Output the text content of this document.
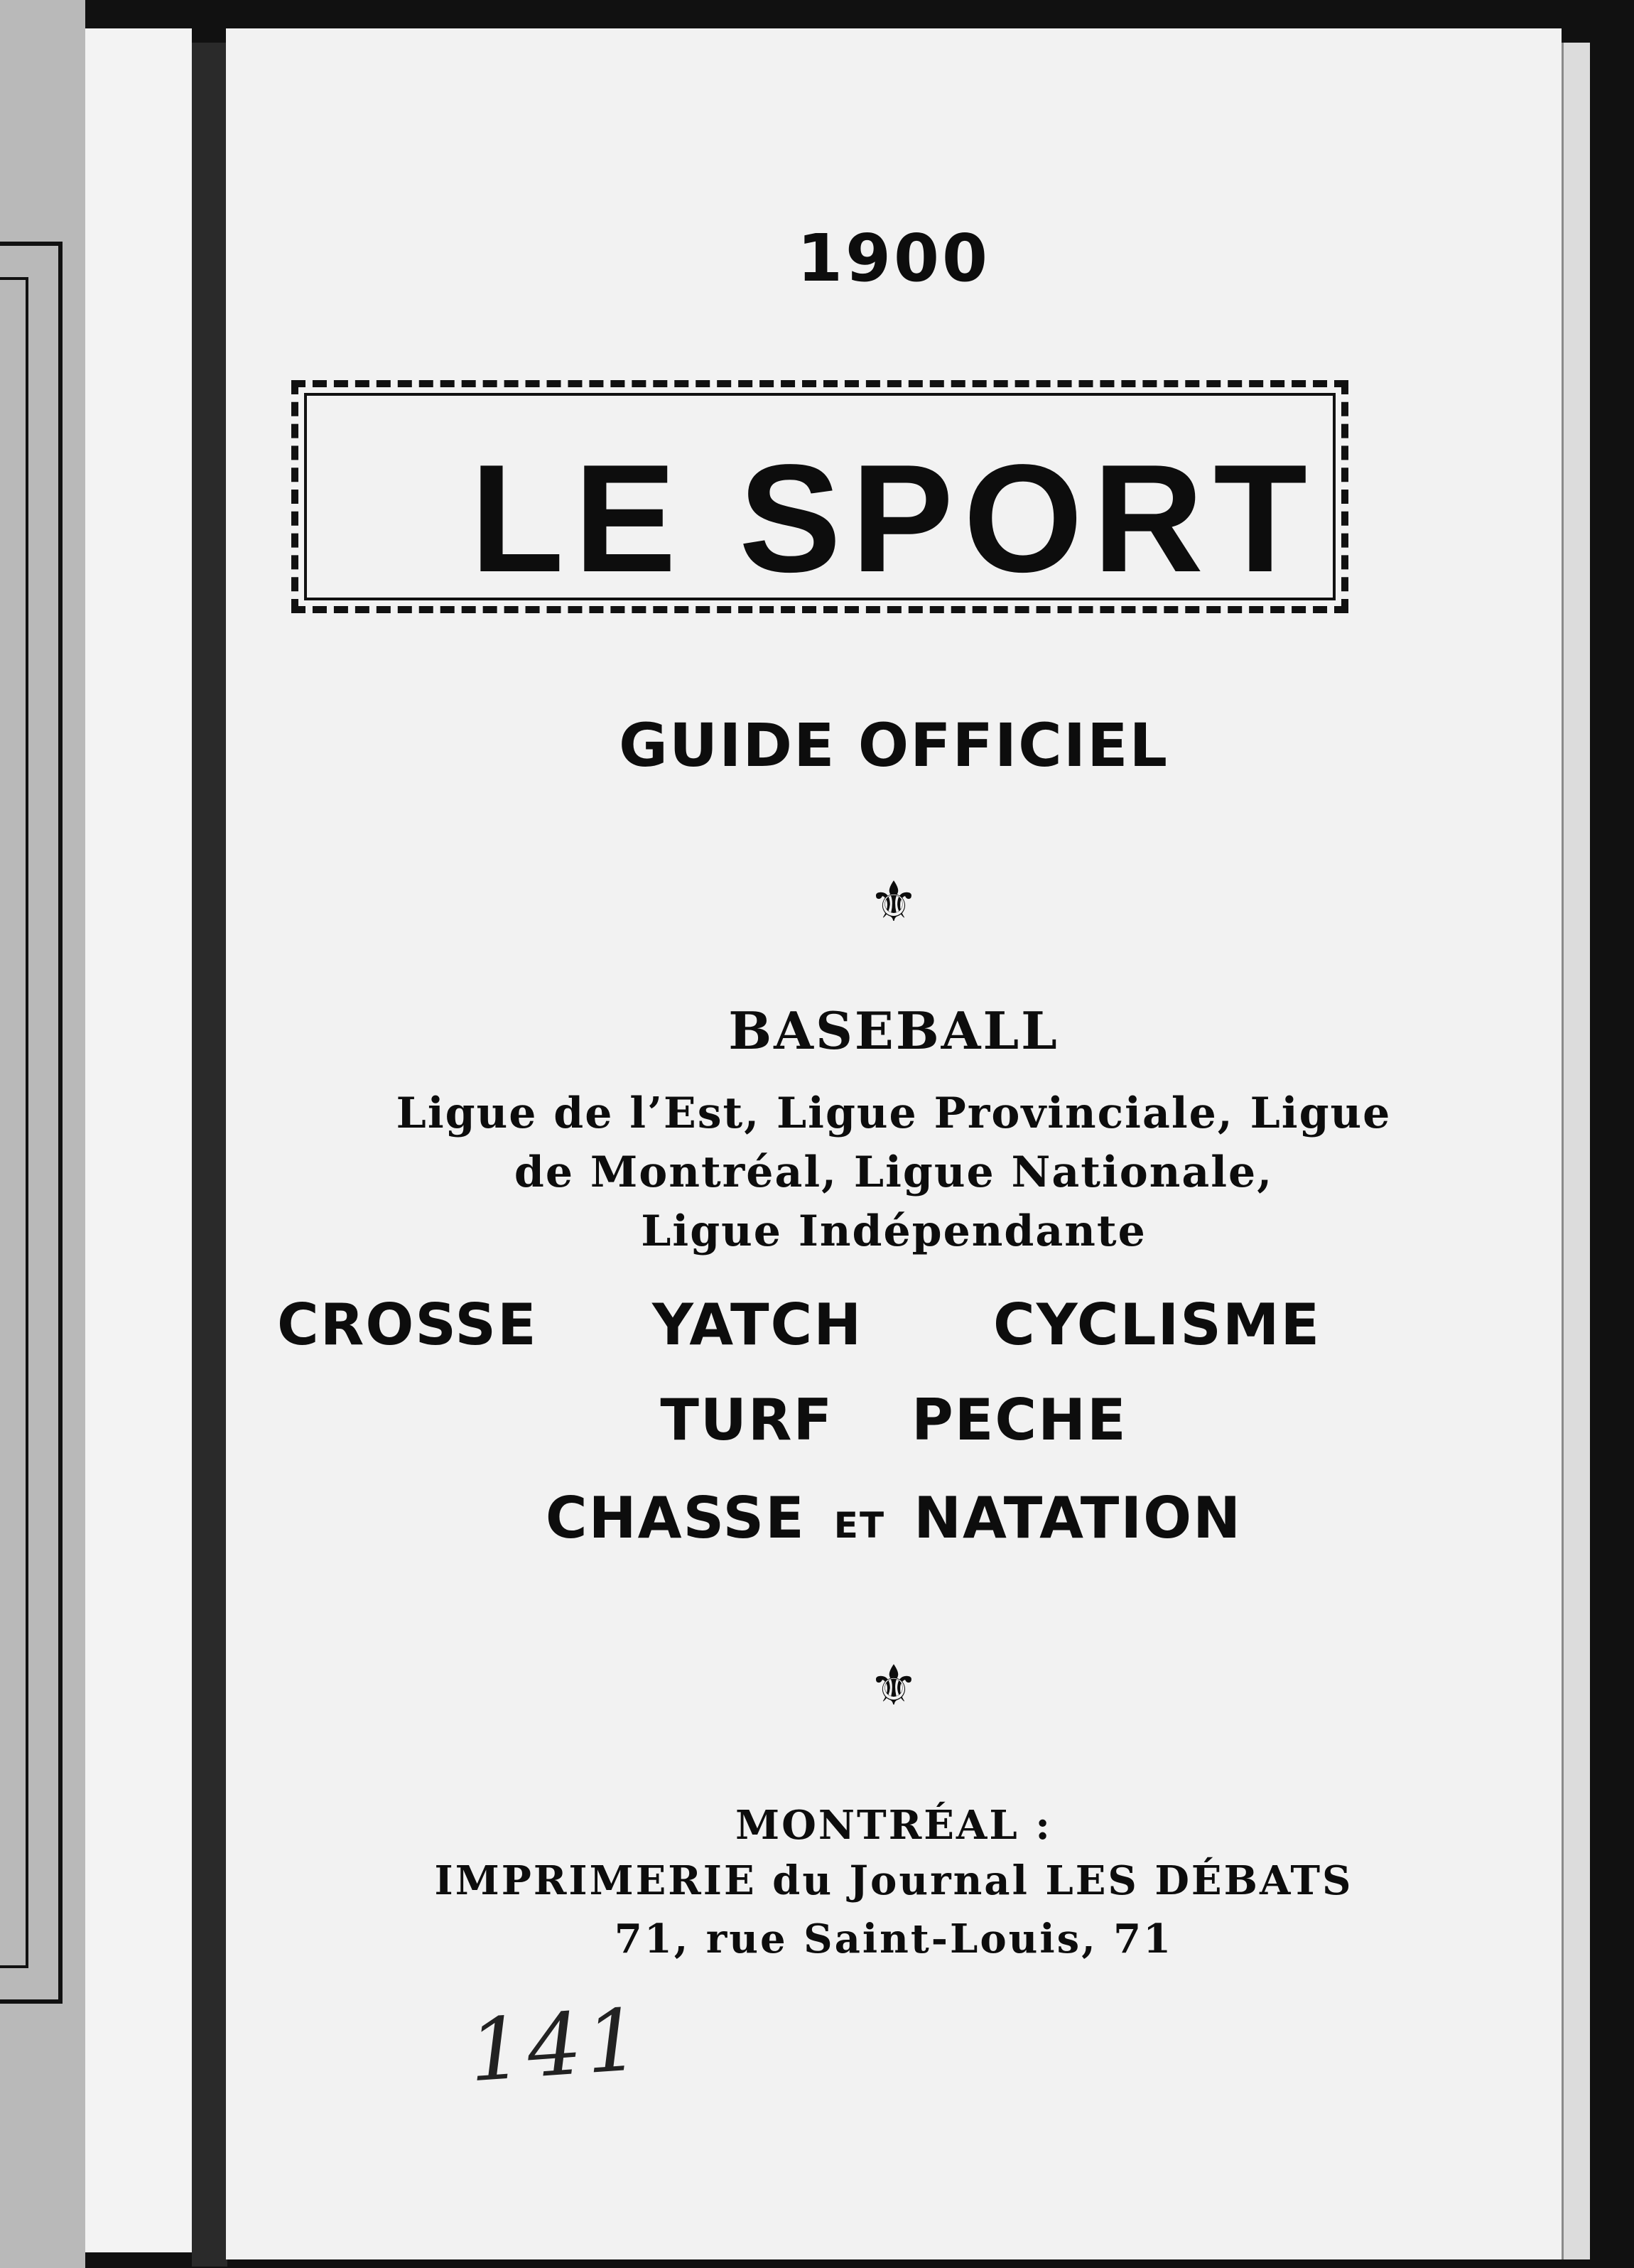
1900
LE SPORT
GUIDE OFFICIEL
⚜
BASEBALL
Ligue de l’Est, Ligue Provinciale, Ligue
de Montréal, Ligue Nationale,
Ligue Indépendante
CROSSE YATCH CYCLISME
TURF PECHE
CHASSE ET NATATION
⚜
MONTRÉAL :
IMPRIMERIE du Journal LES DÉBATS
71, rue Saint-Louis, 71
141
